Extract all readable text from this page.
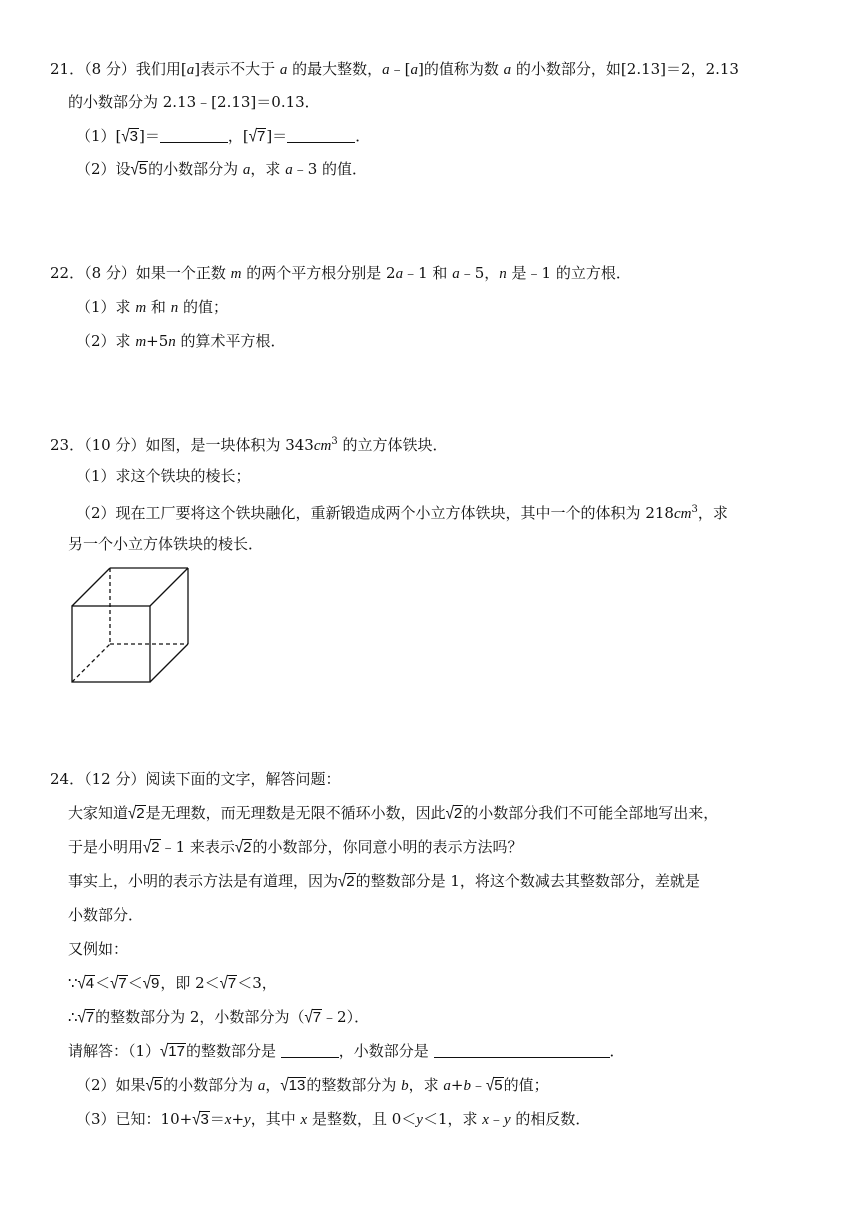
21．（8 分）我们用[a]表示不大于 a 的最大整数，a﹣[a]的值称为数 a 的小数部分，如[2.13]＝2，2.13
的小数部分为 2.13﹣[2.13]＝0.13．
（1）[√3]＝	，[√7]＝	．
（2）设√5的小数部分为 a，求 a﹣3 的值．
22．（8 分）如果一个正数 m 的两个平方根分别是 2a﹣1 和 a﹣5，n 是﹣1 的立方根．
（1）求 m 和 n 的值；
（2）求 m+5n 的算术平方根．
23．（10 分）如图，是一块体积为 $343cm^3$ 的立方体铁块．
（1）求这个铁块的棱长；
（2）现在工厂要将这个铁块融化，重新锻造成两个小立方体铁块，其中一个的体积为 $218cm^3$，求
另一个小立方体铁块的棱长．
24．（12 分）阅读下面的文字，解答问题：
大家知道√2是无理数，而无理数是无限不循环小数，因此√2的小数部分我们不可能全部地写出来，
于是小明用√2﹣1 来表示√2的小数部分，你同意小明的表示方法吗？
事实上，小明的表示方法是有道理，因为√2的整数部分是 1，将这个数减去其整数部分，差就是
小数部分．
又例如：
∵√4＜√7＜√9，即 2＜√7＜3，
∴√7的整数部分为 2，小数部分为（√7﹣2）．
请解答：（1）√17的整数部分是	，小数部分是	．
（2）如果√5的小数部分为 a，√13的整数部分为 b，求 a+b﹣√5的值；
（3）已知：10+√3＝x+y，其中 x 是整数，且 0＜y＜1，求 x﹣y 的相反数．
